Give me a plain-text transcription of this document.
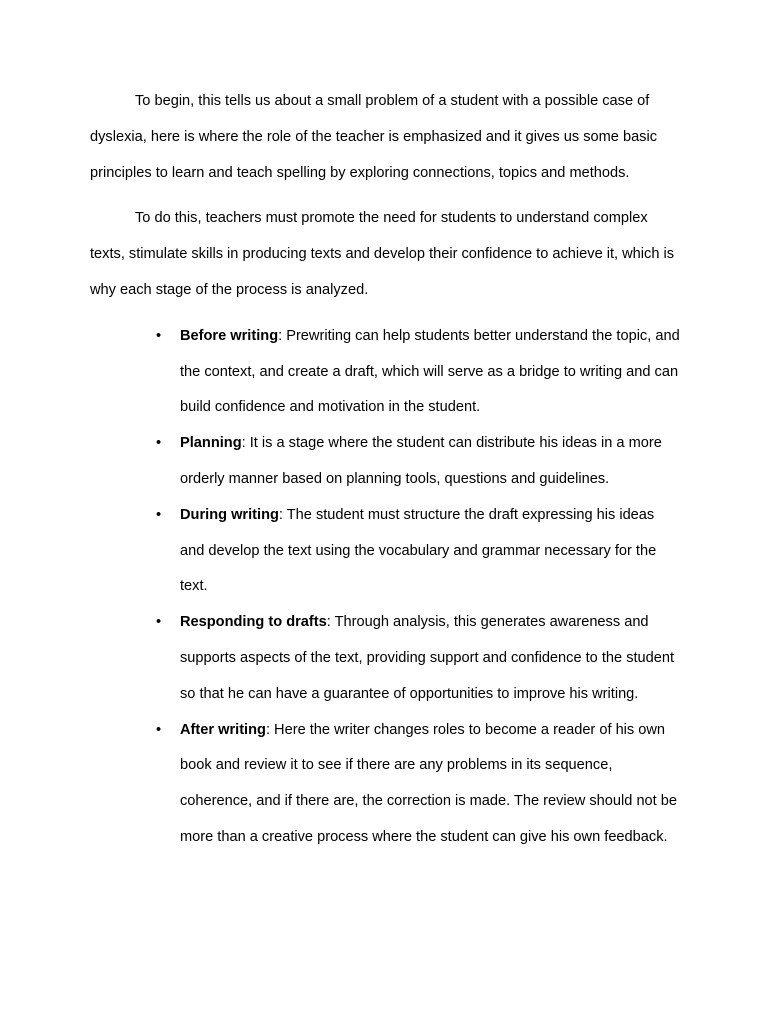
To begin, this tells us about a small problem of a student with a possible case of dyslexia, here is where the role of the teacher is emphasized and it gives us some basic principles to learn and teach spelling by exploring connections, topics and methods.

To do this, teachers must promote the need for students to understand complex texts, stimulate skills in producing texts and develop their confidence to achieve it, which is why each stage of the process is analyzed.

• Before writing: Prewriting can help students better understand the topic, and the context, and create a draft, which will serve as a bridge to writing and can build confidence and motivation in the student.
• Planning: It is a stage where the student can distribute his ideas in a more orderly manner based on planning tools, questions and guidelines.
• During writing: The student must structure the draft expressing his ideas and develop the text using the vocabulary and grammar necessary for the text.
• Responding to drafts: Through analysis, this generates awareness and supports aspects of the text, providing support and confidence to the student so that he can have a guarantee of opportunities to improve his writing.
• After writing: Here the writer changes roles to become a reader of his own book and review it to see if there are any problems in its sequence, coherence, and if there are, the correction is made. The review should not be more than a creative process where the student can give his own feedback.
